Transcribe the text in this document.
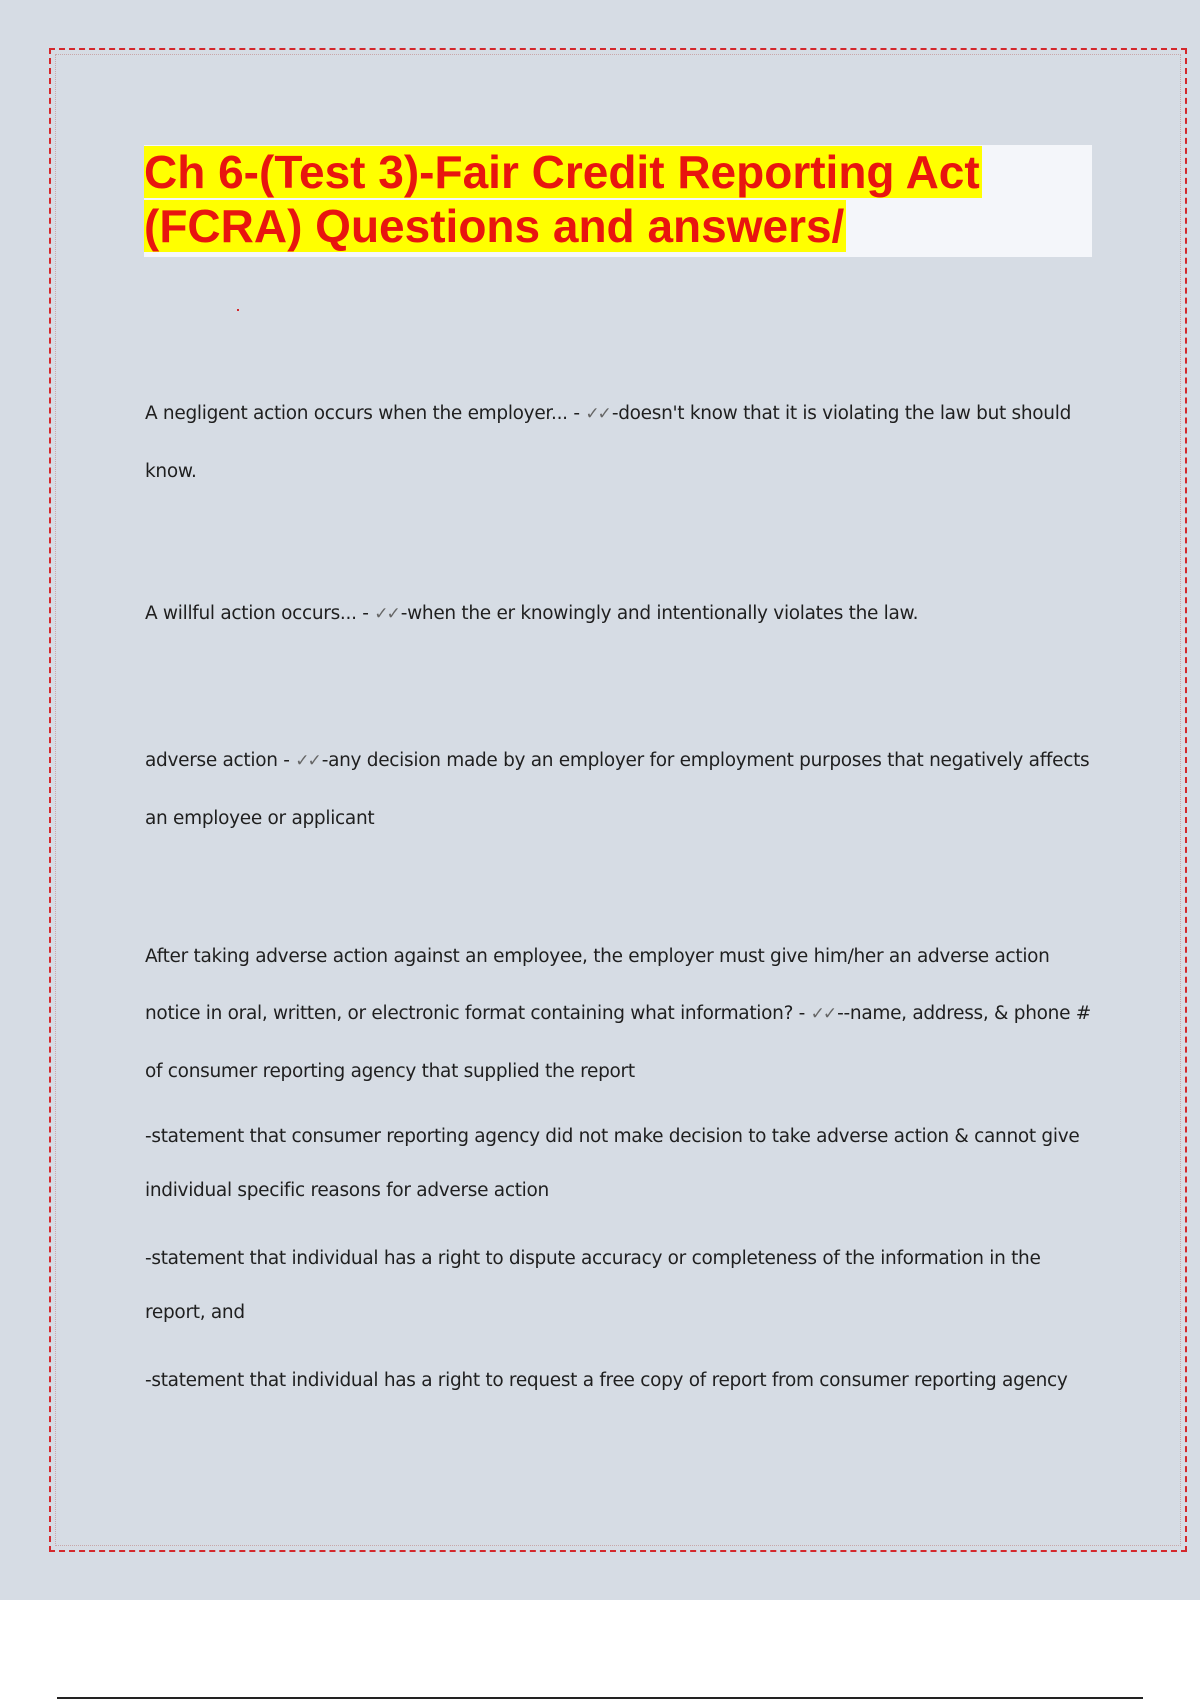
Ch 6-(Test 3)-Fair Credit Reporting Act
(FCRA) Questions and answers/

A negligent action occurs when the employer... - ✓✓ -doesn't know that it is violating the law but should know.

A willful action occurs... - ✓✓ -when the er knowingly and intentionally violates the law.

adverse action - ✓✓ -any decision made by an employer for employment purposes that negatively affects an employee or applicant

After taking adverse action against an employee, the employer must give him/her an adverse action notice in oral, written, or electronic format containing what information? - ✓✓ --name, address, & phone # of consumer reporting agency that supplied the report

-statement that consumer reporting agency did not make decision to take adverse action & cannot give individual specific reasons for adverse action

-statement that individual has a right to dispute accuracy or completeness of the information in the report, and

-statement that individual has a right to request a free copy of report from consumer reporting agency
